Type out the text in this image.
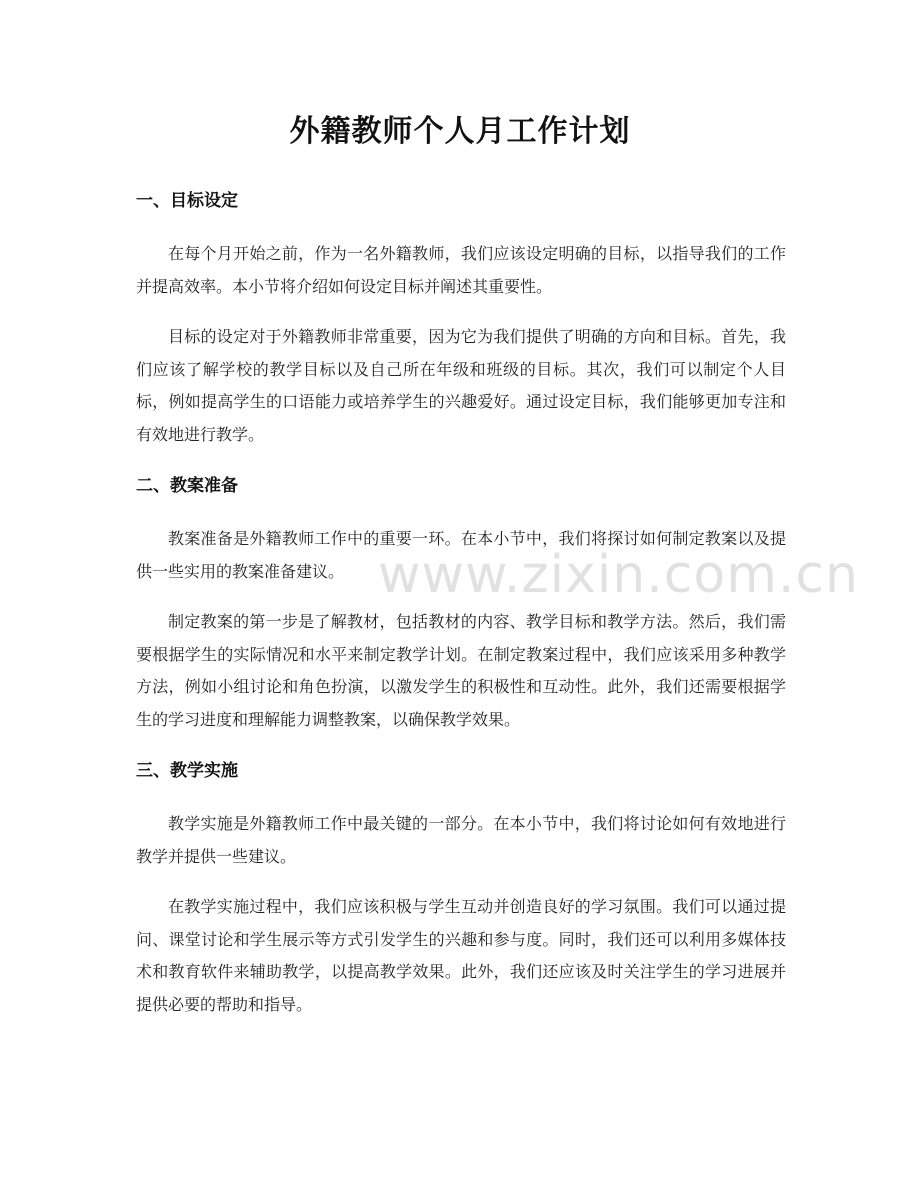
外籍教师个人月工作计划
一、目标设定

在每个月开始之前，作为一名外籍教师，我们应该设定明确的目标，以指导我们的工作并提高效率。本小节将介绍如何设定目标并阐述其重要性。

目标的设定对于外籍教师非常重要，因为它为我们提供了明确的方向和目标。首先，我们应该了解学校的教学目标以及自己所在年级和班级的目标。其次，我们可以制定个人目标，例如提高学生的口语能力或培养学生的兴趣爱好。通过设定目标，我们能够更加专注和有效地进行教学。

二、教案准备

教案准备是外籍教师工作中的重要一环。在本小节中，我们将探讨如何制定教案以及提供一些实用的教案准备建议。

制定教案的第一步是了解教材，包括教材的内容、教学目标和教学方法。然后，我们需要根据学生的实际情况和水平来制定教学计划。在制定教案过程中，我们应该采用多种教学方法，例如小组讨论和角色扮演，以激发学生的积极性和互动性。此外，我们还需要根据学生的学习进度和理解能力调整教案，以确保教学效果。

三、教学实施

教学实施是外籍教师工作中最关键的一部分。在本小节中，我们将讨论如何有效地进行教学并提供一些建议。

在教学实施过程中，我们应该积极与学生互动并创造良好的学习氛围。我们可以通过提问、课堂讨论和学生展示等方式引发学生的兴趣和参与度。同时，我们还可以利用多媒体技术和教育软件来辅助教学，以提高教学效果。此外，我们还应该及时关注学生的学习进展并提供必要的帮助和指导。

www.zixin.com.cn
